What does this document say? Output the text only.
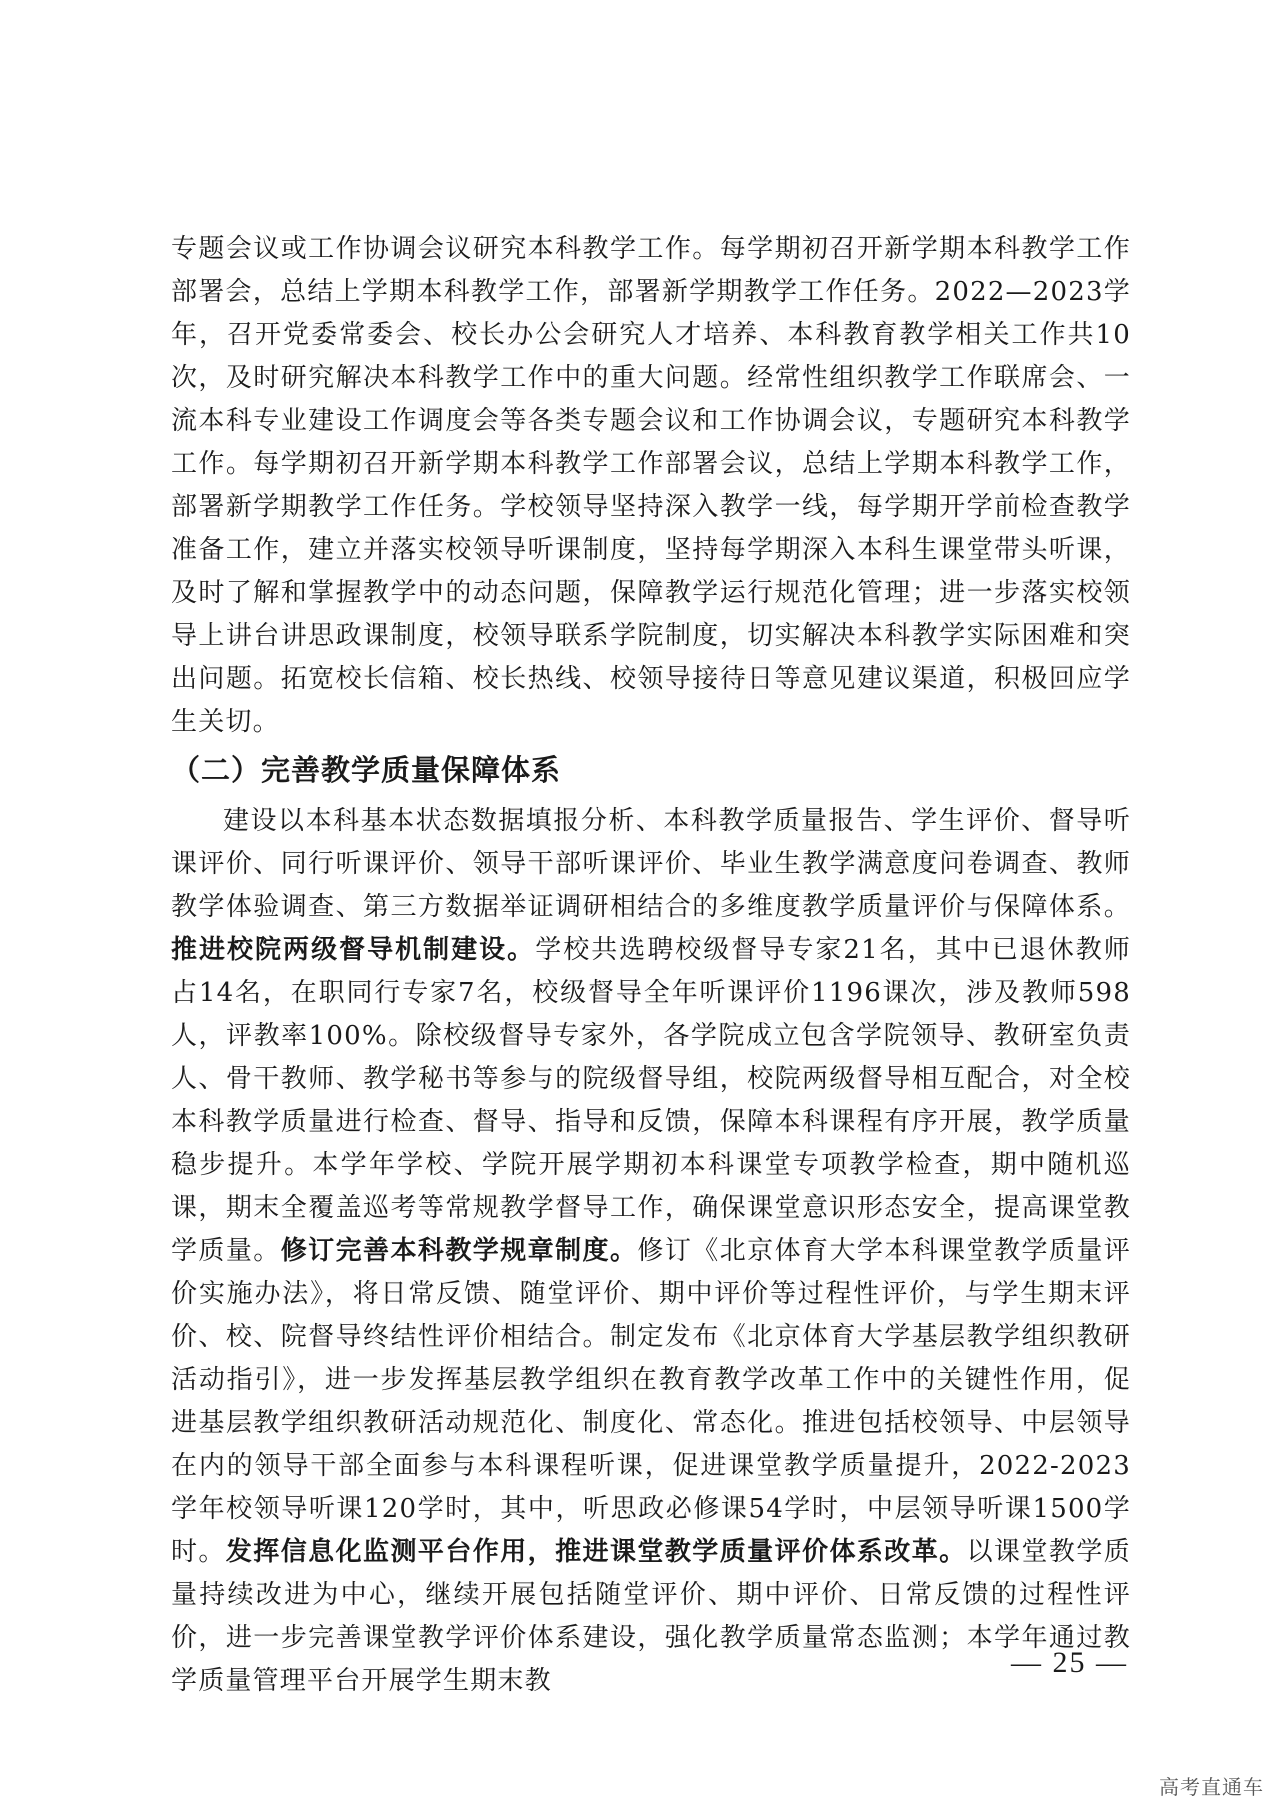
专题会议或工作协调会议研究本科教学工作。每学期初召开新学期本科教学工作部署会，总结上学期本科教学工作，部署新学期教学工作任务。2022—2023学年，召开党委常委会、校长办公会研究人才培养、本科教育教学相关工作共10次，及时研究解决本科教学工作中的重大问题。经常性组织教学工作联席会、一流本科专业建设工作调度会等各类专题会议和工作协调会议，专题研究本科教学工作。每学期初召开新学期本科教学工作部署会议，总结上学期本科教学工作，部署新学期教学工作任务。学校领导坚持深入教学一线，每学期开学前检查教学准备工作，建立并落实校领导听课制度，坚持每学期深入本科生课堂带头听课，及时了解和掌握教学中的动态问题，保障教学运行规范化管理；进一步落实校领导上讲台讲思政课制度，校领导联系学院制度，切实解决本科教学实际困难和突出问题。拓宽校长信箱、校长热线、校领导接待日等意见建议渠道，积极回应学生关切。

（二）完善教学质量保障体系

建设以本科基本状态数据填报分析、本科教学质量报告、学生评价、督导听课评价、同行听课评价、领导干部听课评价、毕业生教学满意度问卷调查、教师教学体验调查、第三方数据举证调研相结合的多维度教学质量评价与保障体系。推进校院两级督导机制建设。学校共选聘校级督导专家21名，其中已退休教师占14名，在职同行专家7名，校级督导全年听课评价1196课次，涉及教师598人，评教率100%。除校级督导专家外，各学院成立包含学院领导、教研室负责人、骨干教师、教学秘书等参与的院级督导组，校院两级督导相互配合，对全校本科教学质量进行检查、督导、指导和反馈，保障本科课程有序开展，教学质量稳步提升。本学年学校、学院开展学期初本科课堂专项教学检查，期中随机巡课，期末全覆盖巡考等常规教学督导工作，确保课堂意识形态安全，提高课堂教学质量。修订完善本科教学规章制度。修订《北京体育大学本科课堂教学质量评价实施办法》，将日常反馈、随堂评价、期中评价等过程性评价，与学生期末评价、校、院督导终结性评价相结合。制定发布《北京体育大学基层教学组织教研活动指引》，进一步发挥基层教学组织在教育教学改革工作中的关键性作用，促进基层教学组织教研活动规范化、制度化、常态化。推进包括校领导、中层领导在内的领导干部全面参与本科课程听课，促进课堂教学质量提升，2022-2023学年校领导听课120学时，其中，听思政必修课54学时，中层领导听课1500学时。发挥信息化监测平台作用，推进课堂教学质量评价体系改革。以课堂教学质量持续改进为中心，继续开展包括随堂评价、期中评价、日常反馈的过程性评价，进一步完善课堂教学评价体系建设，强化教学质量常态监测；本学年通过教学质量管理平台开展学生期末教

— 25 —
高考直通车
